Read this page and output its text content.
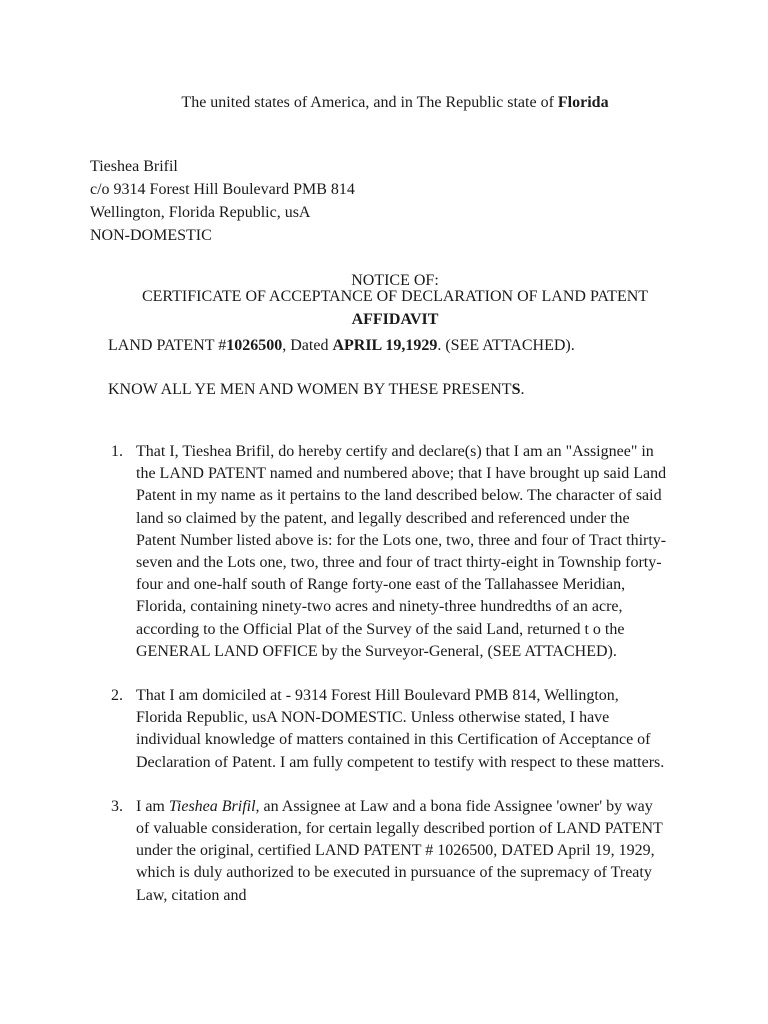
The united states of America, and in The Republic state of Florida
Tieshea Brifil
c/o 9314 Forest Hill Boulevard PMB 814
Wellington, Florida Republic, usA
NON-DOMESTIC
NOTICE OF:
CERTIFICATE OF ACCEPTANCE OF DECLARATION OF LAND PATENT
AFFIDAVIT
LAND PATENT #1026500, Dated APRIL 19,1929. (SEE ATTACHED).
KNOW ALL YE MEN AND WOMEN BY THESE PRESENTS.
1. That I, Tieshea Brifil, do hereby certify and declare(s) that I am an "Assignee" in the LAND PATENT named and numbered above; that I have brought up said Land Patent in my name as it pertains to the land described below. The character of said land so claimed by the patent, and legally described and referenced under the Patent Number listed above is: for the Lots one, two, three and four of Tract thirty-seven and the Lots one, two, three and four of tract thirty-eight in Township forty-four and one-half south of Range forty-one east of the Tallahassee Meridian, Florida, containing ninety-two acres and ninety-three hundredths of an acre, according to the Official Plat of the Survey of the said Land, returned t o the GENERAL LAND OFFICE by the Surveyor-General, (SEE ATTACHED).
2. That I am domiciled at - 9314 Forest Hill Boulevard PMB 814, Wellington, Florida Republic, usA NON-DOMESTIC. Unless otherwise stated, I have individual knowledge of matters contained in this Certification of Acceptance of Declaration of Patent. I am fully competent to testify with respect to these matters.
3. I am Tieshea Brifil, an Assignee at Law and a bona fide Assignee 'owner' by way of valuable consideration, for certain legally described portion of LAND PATENT under the original, certified LAND PATENT # 1026500, DATED April 19, 1929, which is duly authorized to be executed in pursuance of the supremacy of Treaty Law, citation and
